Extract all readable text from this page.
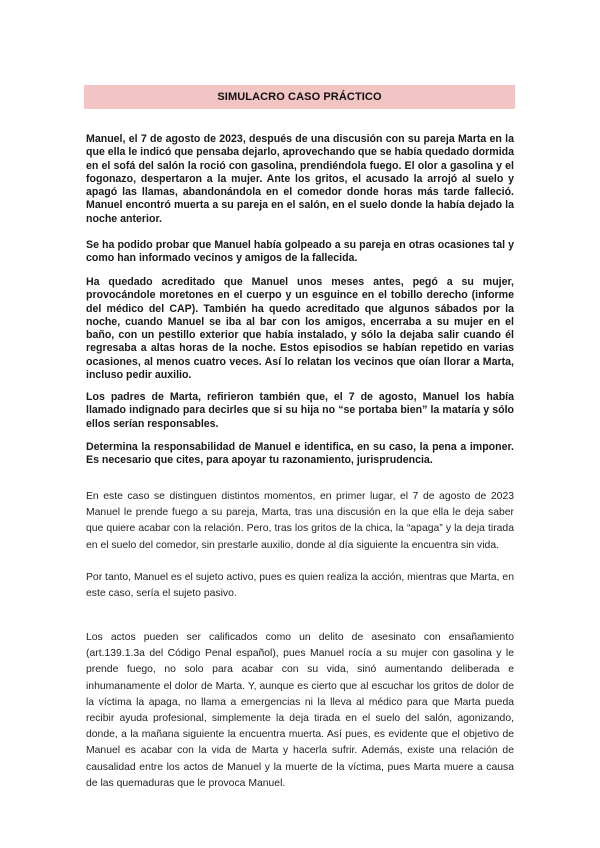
SIMULACRO CASO PRÁCTICO

Manuel, el 7 de agosto de 2023, después de una discusión con su pareja Marta en la que ella le indicó que pensaba dejarlo, aprovechando que se había quedado dormida en el sofá del salón la roció con gasolina, prendiéndola fuego. El olor a gasolina y el fogonazo, despertaron a la mujer. Ante los gritos, el acusado la arrojó al suelo y apagó las llamas, abandonándola en el comedor donde horas más tarde falleció. Manuel encontró muerta a su pareja en el salón, en el suelo donde la había dejado la noche anterior.

Se ha podido probar que Manuel había golpeado a su pareja en otras ocasiones tal y como han informado vecinos y amigos de la fallecida.

Ha quedado acreditado que Manuel unos meses antes, pegó a su mujer, provocándole moretones en el cuerpo y un esguince en el tobillo derecho (informe del médico del CAP). También ha quedo acreditado que algunos sábados por la noche, cuando Manuel se iba al bar con los amigos, encerraba a su mujer en el baño, con un pestillo exterior que había instalado, y sólo la dejaba salir cuando él regresaba a altas horas de la noche. Estos episodios se habían repetido en varias ocasiones, al menos cuatro veces. Así lo relatan los vecinos que oían llorar a Marta, incluso pedir auxilio.

Los padres de Marta, refirieron también que, el 7 de agosto, Manuel los había llamado indignado para decirles que si su hija no “se portaba bien” la mataría y sólo ellos serían responsables.

Determina la responsabilidad de Manuel e identifica, en su caso, la pena a imponer. Es necesario que cites, para apoyar tu razonamiento, jurisprudencia.

En este caso se distinguen distintos momentos, en primer lugar, el 7 de agosto de 2023 Manuel le prende fuego a su pareja, Marta, tras una discusión en la que ella le deja saber que quiere acabar con la relación. Pero, tras los gritos de la chica, la “apaga” y la deja tirada en el suelo del comedor, sin prestarle auxilio, donde al día siguiente la encuentra sin vida.

Por tanto, Manuel es el sujeto activo, pues es quien realiza la acción, mientras que Marta, en este caso, sería el sujeto pasivo.

Los actos pueden ser calificados como un delito de asesinato con ensañamiento (art.139.1.3a del Código Penal español), pues Manuel rocía a su mujer con gasolina y le prende fuego, no solo para acabar con su vida, sinó aumentando deliberada e inhumanamente el dolor de Marta. Y, aunque es cierto que al escuchar los gritos de dolor de la víctima la apaga, no llama a emergencias ni la lleva al médico para que Marta pueda recibir ayuda profesional, simplemente la deja tirada en el suelo del salón, agonizando, donde, a la mañana siguiente la encuentra muerta. Así pues, es evidente que el objetivo de Manuel es acabar con la vida de Marta y hacerla sufrir. Además, existe una relación de causalidad entre los actos de Manuel y la muerte de la víctima, pues Marta muere a causa de las quemaduras que le provoca Manuel.
